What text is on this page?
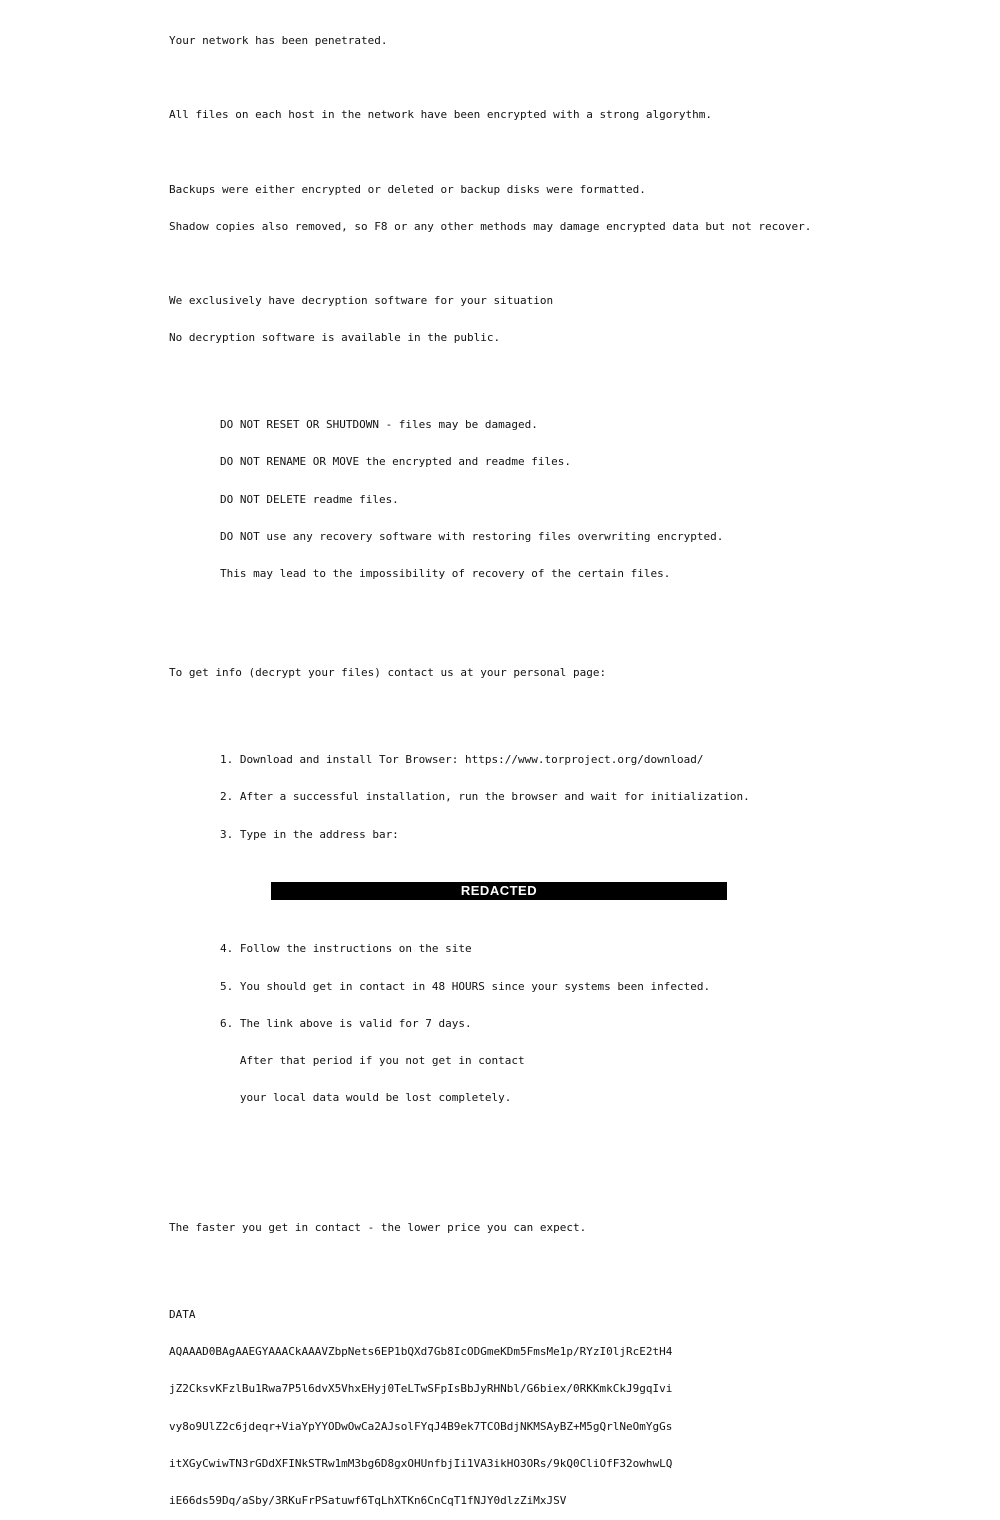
Your network has been penetrated.

All files on each host in the network have been encrypted with a strong algorythm.

Backups were either encrypted or deleted or backup disks were formatted.

Shadow copies also removed, so F8 or any other methods may damage encrypted data but not recover.

We exclusively have decryption software for your situation

No decryption software is available in the public.

DO NOT RESET OR SHUTDOWN - files may be damaged.

DO NOT RENAME OR MOVE the encrypted and readme files.

DO NOT DELETE readme files.

DO NOT use any recovery software with restoring files overwriting encrypted.

This may lead to the impossibility of recovery of the certain files.

To get info (decrypt your files) contact us at your personal page:

1. Download and install Tor Browser: https://www.torproject.org/download/

2. After a successful installation, run the browser and wait for initialization.

3. Type in the address bar:

REDACTED

4. Follow the instructions on the site

5. You should get in contact in 48 HOURS since your systems been infected.

6. The link above is valid for 7 days.

After that period if you not get in contact

your local data would be lost completely.

The faster you get in contact - the lower price you can expect.

DATA

AQAAAD0BAgAAEGYAAACkAAAVZbpNets6EP1bQXd7Gb8IcODGmeKDm5FmsMe1p/RYzI0ljRcE2tH4

jZ2CksvKFzlBu1Rwa7P5l6dvX5VhxEHyj0TeLTwSFpIsBbJyRHNbl/G6biex/0RKKmkCkJ9gqIvi

vy8o9UlZ2c6jdeqr+ViaYpYYODwOwCa2AJsolFYqJ4B9ek7TCOBdjNKMSAyBZ+M5gQrlNeOmYgGs

itXGyCwiwTN3rGDdXFINkSTRw1mM3bg6D8gxOHUnfbjIi1VA3ikHO3ORs/9kQ0CliOfF32owhwLQ

iE66ds59Dq/aSby/3RKuFrPSatuwf6TqLhXTKn6CnCqT1fNJY0dlzZiMxJSV
